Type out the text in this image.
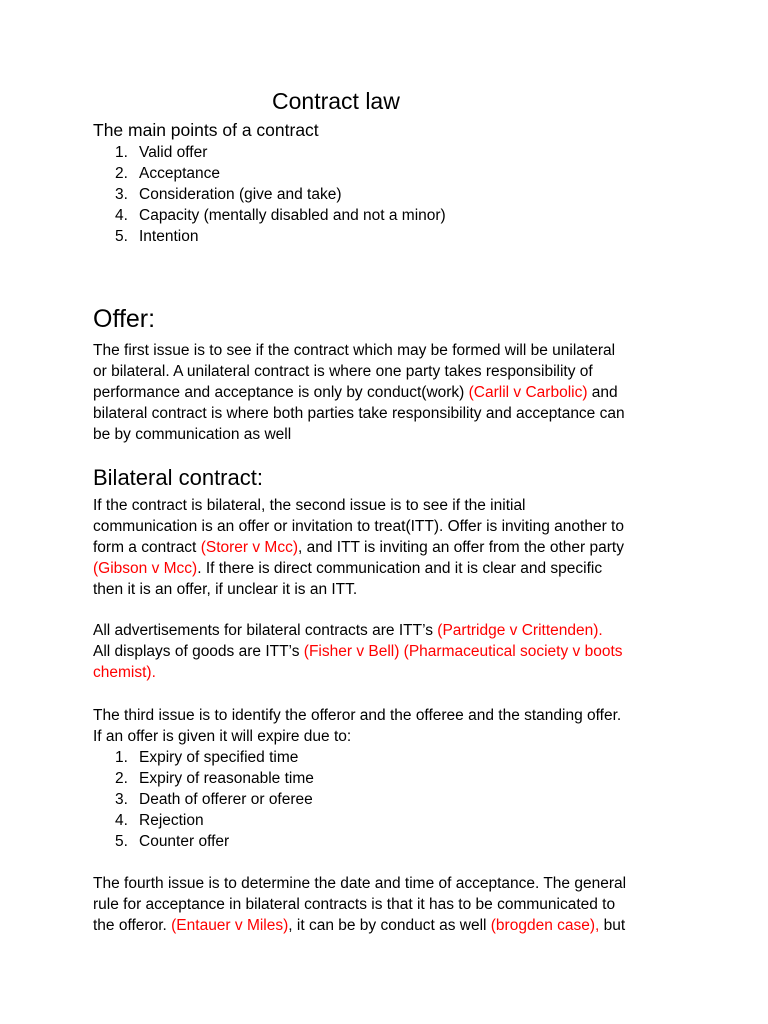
Contract law
The main points of a contract
1. Valid offer
2. Acceptance
3. Consideration (give and take)
4. Capacity (mentally disabled and not a minor)
5. Intention
Offer:
The first issue is to see if the contract which may be formed will be unilateral
or bilateral. A unilateral contract is where one party takes responsibility of
performance and acceptance is only by conduct(work) (Carlil v Carbolic) and
bilateral contract is where both parties take responsibility and acceptance can
be by communication as well
Bilateral contract:
If the contract is bilateral, the second issue is to see if the initial
communication is an offer or invitation to treat(ITT). Offer is inviting another to
form a contract (Storer v Mcc), and ITT is inviting an offer from the other party
(Gibson v Mcc). If there is direct communication and it is clear and specific
then it is an offer, if unclear it is an ITT.
All advertisements for bilateral contracts are ITT’s (Partridge v Crittenden).
All displays of goods are ITT’s (Fisher v Bell) (Pharmaceutical society v boots
chemist).
The third issue is to identify the offeror and the offeree and the standing offer.
If an offer is given it will expire due to:
1. Expiry of specified time
2. Expiry of reasonable time
3. Death of offerer or oferee
4. Rejection
5. Counter offer
The fourth issue is to determine the date and time of acceptance. The general
rule for acceptance in bilateral contracts is that it has to be communicated to
the offeror. (Entauer v Miles), it can be by conduct as well (brogden case), but
